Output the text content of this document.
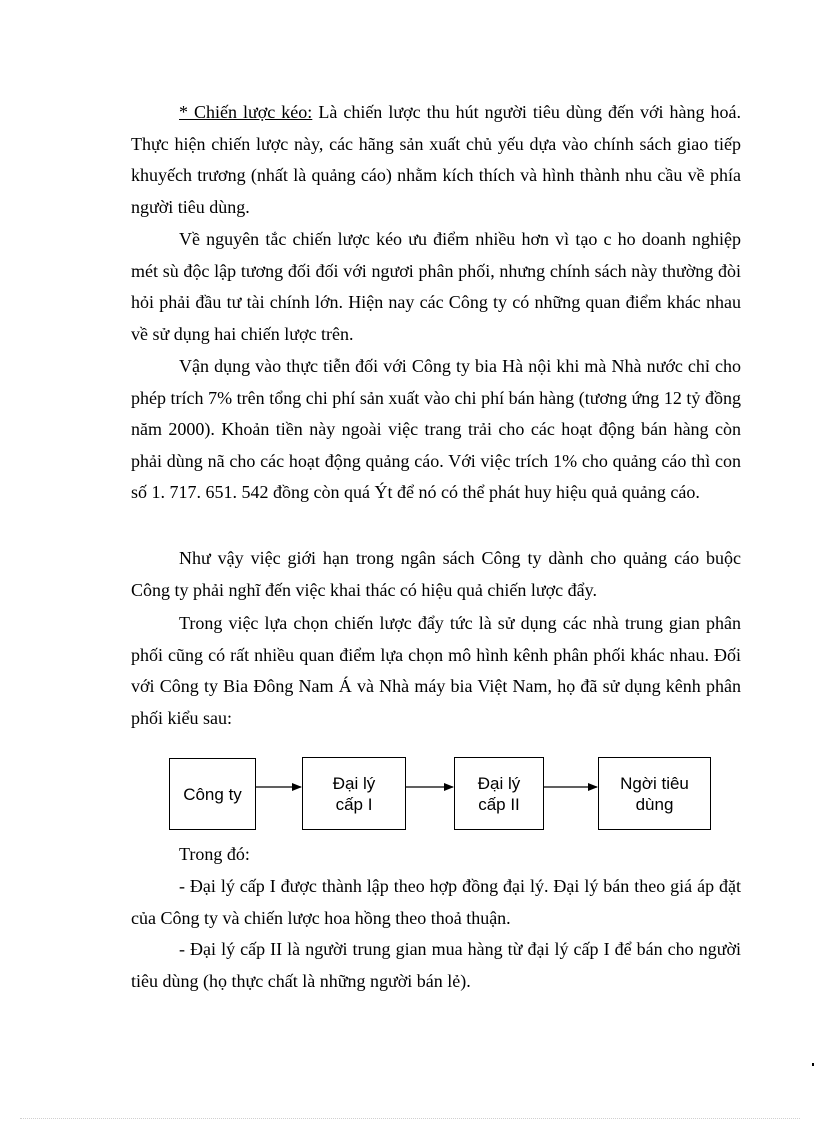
* Chiến lược kéo: Là chiến lược thu hút người tiêu dùng đến với hàng hoá. Thực hiện chiến lược này, các hãng sản xuất chủ yếu dựa vào chính sách giao tiếp khuyếch trương (nhất là quảng cáo) nhằm kích thích và hình thành nhu cầu về phía người tiêu dùng.

Về nguyên tắc chiến lược kéo ưu điểm nhiều hơn vì tạo c ho doanh nghiệp mét sù độc lập tương đối đối với ngươi phân phối, nhưng chính sách này thường đòi hỏi phải đầu tư tài chính lớn. Hiện nay các Công ty có những quan điểm khác nhau về sử dụng hai chiến lược trên.

Vận dụng vào thực tiễn đối với Công ty bia Hà nội khi mà Nhà nước chỉ cho phép trích 7% trên tổng chi phí sản xuất vào chi phí bán hàng (tương ứng 12 tỷ đồng năm 2000). Khoản tiền này ngoài việc trang trải cho các hoạt động bán hàng còn phải dùng nã cho các hoạt động quảng cáo. Với việc trích 1% cho quảng cáo thì con số 1. 717. 651. 542 đồng còn quá Ýt để nó có thể phát huy hiệu quả quảng cáo.

Như vậy việc giới hạn trong ngân sách Công ty dành cho quảng cáo buộc Công ty phải nghĩ đến việc khai thác có hiệu quả chiến lược đẩy.

Trong việc lựa chọn chiến lược đẩy tức là sử dụng các nhà trung gian phân phối cũng có rất nhiều quan điểm lựa chọn mô hình kênh phân phối khác nhau. Đối với Công ty Bia Đông Nam Á và Nhà máy bia Việt Nam, họ đã sử dụng kênh phân phối kiểu sau:

Công ty
Đại lý
cấp I
Đại lý
cấp II
Ngời tiêu
dùng

Trong đó:

- Đại lý cấp I được thành lập theo hợp đồng đại lý. Đại lý bán theo giá áp đặt của Công ty và chiến lược hoa hồng theo thoả thuận.

- Đại lý cấp II là người trung gian mua hàng từ đại lý cấp I để bán cho người tiêu dùng (họ thực chất là những người bán lẻ).
